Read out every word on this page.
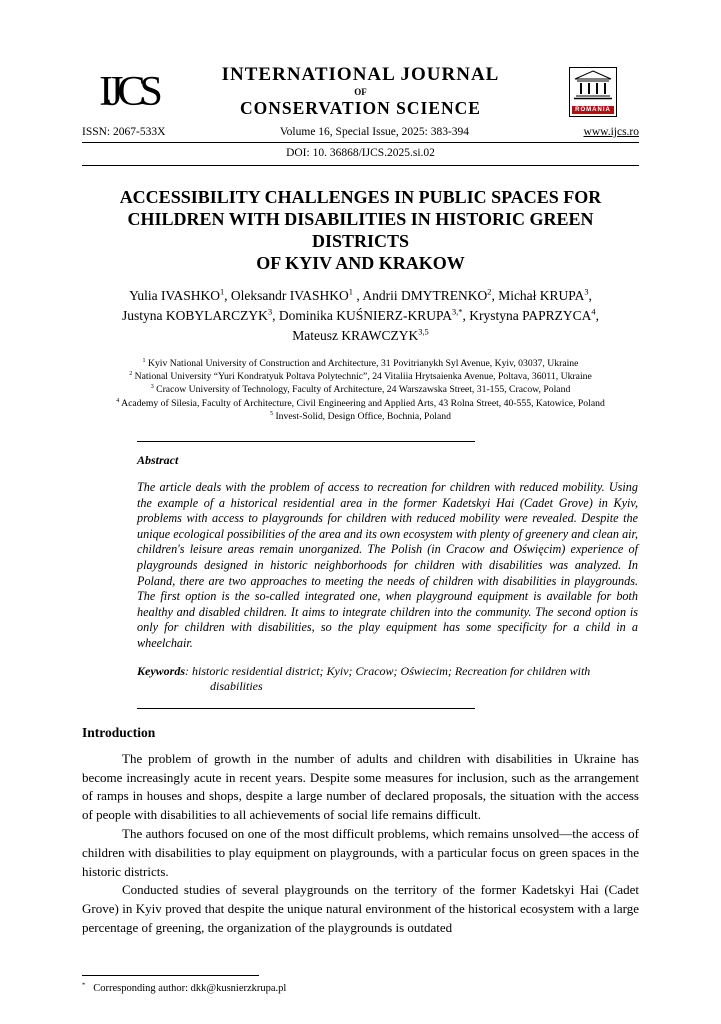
IJCS	INTERNATIONAL JOURNAL
OF
CONSERVATION SCIENCE	ROMANIA
ISSN: 2067-533X	Volume 16, Special Issue, 2025: 383-394	www.ijcs.ro
DOI: 10. 36868/IJCS.2025.si.02
ACCESSIBILITY CHALLENGES IN PUBLIC SPACES FOR
CHILDREN WITH DISABILITIES IN HISTORIC GREEN DISTRICTS
OF KYIV AND KRAKOW
Yulia IVASHKO$^1$, Oleksandr IVASHKO$^1$ , Andrii DMYTRENKO$^2$, Michał KRUPA$^3$,
Justyna KOBYLARCZYK$^3$, Dominika KUŚNIERZ-$KRUPA^{3,*}$, Krystyna PAPRZYCA$^4$,
Mateusz KRAWCZYK$^{3,5}$
$^1$ Kyiv National University of Construction and Architecture, 31 Povitrianykh Syl Avenue, Kyiv, 03037, Ukraine
$^2$ National University “Yuri Kondratyuk Poltava Polytechnic”, 24 Vitaliia Hrytsaienka Avenue, Poltava, 36011, Ukraine
$^3$ Cracow University of Technology, Faculty of Architecture, 24 Warszawska Street, 31-155, Cracow, Poland
$^4$ Academy of Silesia, Faculty of Architecture, Civil Engineering and Applied Arts, 43 Rolna Street, 40-555, Katowice, Poland
$^5$ Invest-Solid, Design Office, Bochnia, Poland
Abstract

The article deals with the problem of access to recreation for children with reduced mobility. Using the example of a historical residential area in the former Kadetskyi Hai (Cadet Grove) in Kyiv, problems with access to playgrounds for children with reduced mobility were revealed. Despite the unique ecological possibilities of the area and its own ecosystem with plenty of greenery and clean air, children's leisure areas remain unorganized. The Polish (in Cracow and Oświęcim) experience of playgrounds designed in historic neighborhoods for children with disabilities was analyzed. In Poland, there are two approaches to meeting the needs of children with disabilities in playgrounds. The first option is the so-called integrated one, when playground equipment is available for both healthy and disabled children. It aims to integrate children into the community. The second option is only for children with disabilities, so the play equipment has some specificity for a child in a wheelchair.

Keywords: historic residential district; Kyiv; Cracow; Oświecim; Recreation for children with disabilities

Introduction

The problem of growth in the number of adults and children with disabilities in Ukraine has become increasingly acute in recent years. Despite some measures for inclusion, such as the arrangement of ramps in houses and shops, despite a large number of declared proposals, the situation with the access of people with disabilities to all achievements of social life remains difficult.

The authors focused on one of the most difficult problems, which remains unsolved—the access of children with disabilities to play equipment on playgrounds, with a particular focus on green spaces in the historic districts.

Conducted studies of several playgrounds on the territory of the former Kadetskyi Hai (Cadet Grove) in Kyiv proved that despite the unique natural environment of the historical ecosystem with a large percentage of greening, the organization of the playgrounds is outdated

* Corresponding author: dkk@kusnierzkrupa.pl
